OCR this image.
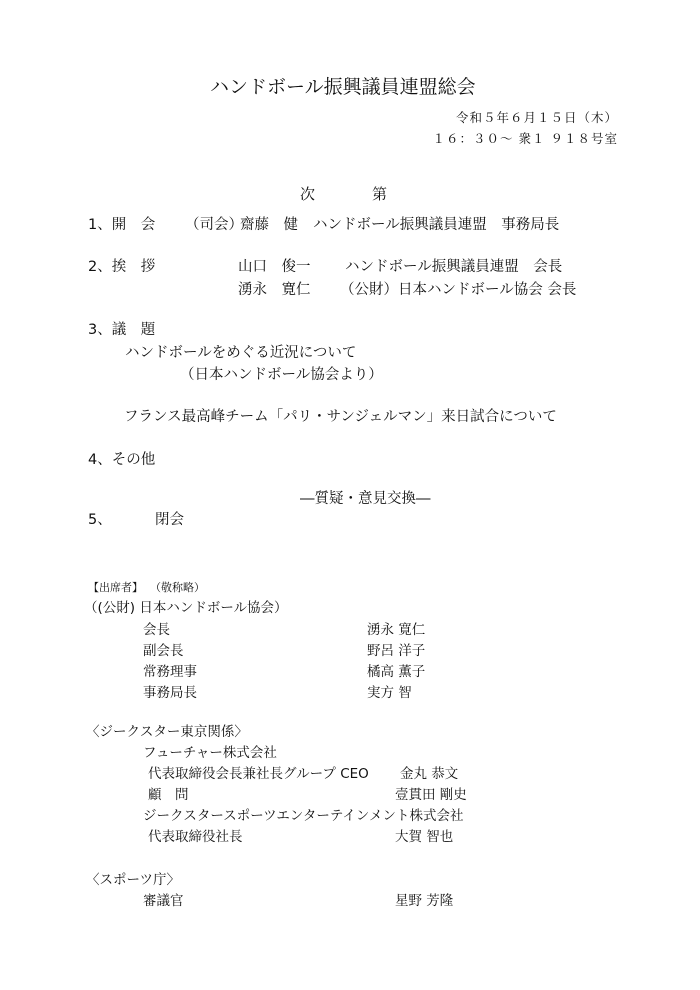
ハンドボール振興議員連盟総会
令和５年６月１５日（木）
１６：３０～ 衆１ ９１８号室
次	第
1、開　会 （司会）
齋藤　健 ハンドボール振興議員連盟　事務局長
2、挨　拶	山口　俊一 ハンドボール振興議員連盟　会長
湧永　寛仁 （公財）日本ハンドボール協会 会長
3、議　題
ハンドボールをめぐる近況について
（日本ハンドボール協会より）
フランス最高峰チーム「パリ・サンジェルマン」来日試合について
4、その他
―質疑・意見交換―
5、	閉会
【出席者】 （敬称略）
（(公財) 日本ハンドボール協会）
会長	湧永 寛仁
副会長	野呂 洋子
常務理事	橘高 薫子
事務局長	実方 智
〈ジークスター東京関係〉
フューチャー株式会社
代表取締役会長兼社長グループ CEO 金丸 恭文
顧　問	壹貫田 剛史
ジークスタースポーツエンターテインメント株式会社
代表取締役社長	大賀 智也
〈スポーツ庁〉
審議官	星野 芳隆
